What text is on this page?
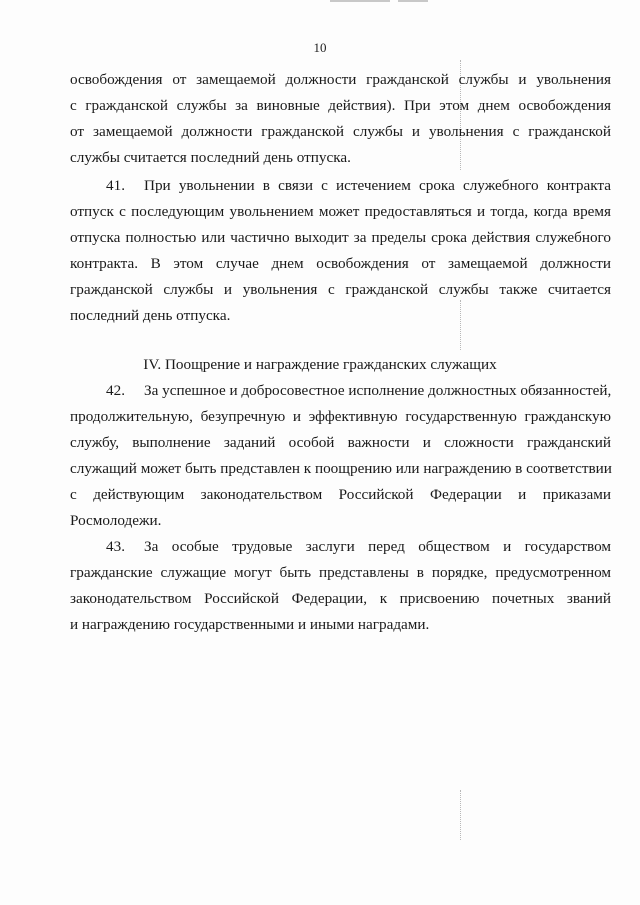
10
освобождения от замещаемой должности гражданской службы и увольнения
с гражданской службы за виновные действия). При этом днем освобождения
от замещаемой должности гражданской службы и увольнения с гражданской
службы считается последний день отпуска.
41. При увольнении в связи с истечением срока служебного контракта
отпуск с последующим увольнением может предоставляться и тогда, когда время
отпуска полностью или частично выходит за пределы срока действия служебного
контракта. В этом случае днем освобождения от замещаемой должности
гражданской службы и увольнения с гражданской службы также считается
последний день отпуска.
IV. Поощрение и награждение гражданских служащих
42. За успешное и добросовестное исполнение должностных обязанностей,
продолжительную, безупречную и эффективную государственную гражданскую
службу, выполнение заданий особой важности и сложности гражданский
служащий может быть представлен к поощрению или награждению в соответствии
с действующим законодательством Российской Федерации и приказами
Росмолодежи.
43. За особые трудовые заслуги перед обществом и государством
гражданские служащие могут быть представлены в порядке, предусмотренном
законодательством Российской Федерации, к присвоению почетных званий
и награждению государственными и иными наградами.
